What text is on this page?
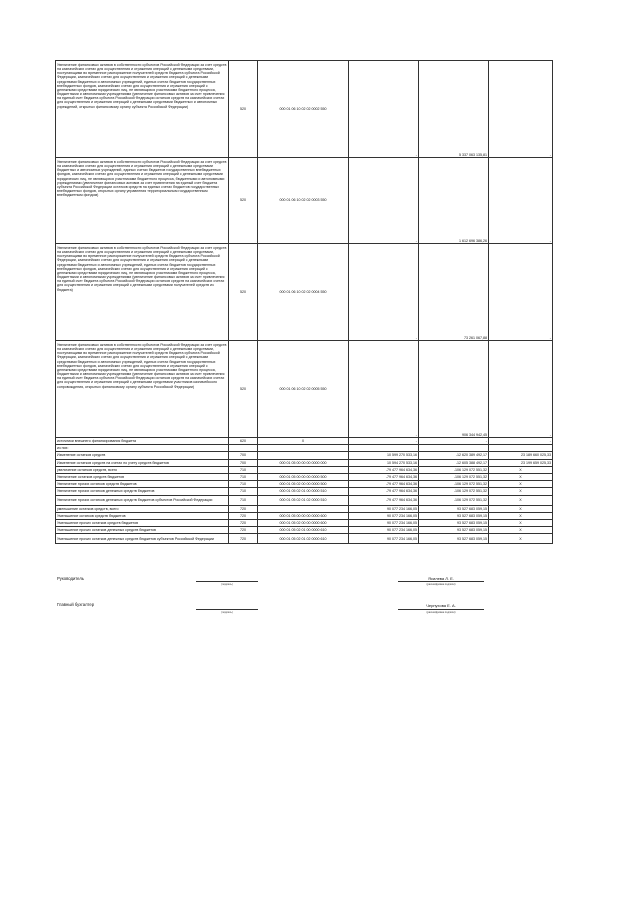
Увеличение финансовых активов в собственности субъектов Российской Федерации за счет средств на казначейских счетах для осуществления и отражения операций с денежными средствами, поступающими во временное распоряжение получателей средств бюджета субъекта Российской Федерации, казначейских счетах для осуществления и отражения операций с денежными средствами бюджетных и автономных учреждений, единых счетах бюджетов государственных внебюджетных фондов, казначейских счетах для осуществления и отражения операций с денежными средствами юридических лиц, не являющихся участниками бюджетного процесса, бюджетными и автономными учреждениями (увеличение финансовых активов за счет привлечения на единый счет бюджета субъекта Российской Федерации остатков средств на казначейских счетах для осуществления и отражения операций с денежными средствами бюджетных и автономных учреждений, открытых финансовому органу субъекта Российской Федерации)	520	000 01 06 10 02 02 0002 550	-	5 337 063 135,81	-
Увеличение финансовых активов в собственности субъектов Российской Федерации за счет средств на казначейских счетах для осуществления и отражения операций с денежными средствами бюджетных и автономных учреждений, единых счетах бюджетов государственных внебюджетных фондов, казначейских счетах для осуществления и отражения операций с денежными средствами юридических лиц, не являющихся участниками бюджетного процесса, бюджетными и автономными учреждениями (увеличение финансовых активов за счет привлечения на единый счет бюджета субъекта Российской Федерации остатков средств на единых счетах бюджетов государственных внебюджетных фондов, открытых органу управления территориальным государственным внебюджетным фондом)	520	000 01 06 10 02 02 0003 550	-	1 612 696 386,26	-
Увеличение финансовых активов в собственности субъектов Российской Федерации за счет средств на казначейских счетах для осуществления и отражения операций с денежными средствами, поступающими во временное распоряжение получателей средств бюджета субъекта Российской Федерации, казначейских счетах для осуществления и отражения операций с денежными средствами бюджетных и автономных учреждений, единых счетах бюджетов государственных внебюджетных фондов, казначейских счетах для осуществления и отражения операций с денежными средствами юридических лиц, не являющихся участниками бюджетного процесса, бюджетными и автономными учреждениями (увеличение финансовых активов за счет привлечения на единый счет бюджета субъекта Российской Федерации остатков средств на казначейских счетах для осуществления и отражения операций с денежными средствами получателей средств из бюджета)	520	000 01 06 10 02 02 0004 550	-	73 261 067,88	-
Увеличение финансовых активов в собственности субъектов Российской Федерации за счет средств на казначейских счетах для осуществления и отражения операций с денежными средствами, поступающими во временное распоряжение получателей средств бюджета субъекта Российской Федерации, казначейских счетах для осуществления и отражения операций с денежными средствами бюджетных и автономных учреждений, единых счетах бюджетов государственных внебюджетных фондов, казначейских счетах для осуществления и отражения операций с денежными средствами юридических лиц, не являющихся участниками бюджетного процесса, бюджетными и автономными учреждениями (увеличение финансовых активов за счет привлечения на единый счет бюджета субъекта Российской Федерации остатков средств на казначейских счетах для осуществления и отражения операций с денежными средствами участников казначейского сопровождения, открытых финансовому органу субъекта Российской Федерации)	520	000 01 06 10 02 02 0005 550	-	906 344 942,45	-
источники внешнего финансирования бюджета	620	X	-	-	-
из них:					
Изменение остатков средств	700		10 599 270 533,16	-12 620 389 492,17	23 189 660 025,33
Изменение остатков средств на счетах по учету средств бюджетов	700	000 01 05 00 00 00 0000 000	10 594 270 533,16	-12 605 388 492,17	23 199 659 025,33
увеличение остатков средств, всего	710		-79 477 964 634,36	-106 129 072 551,32	X
Увеличение остатков средств бюджетов	710	000 01 05 00 00 00 0000 500	-79 477 964 634,36	-106 129 072 551,32	X
Увеличение прочих остатков средств бюджетов	710	000 01 05 02 00 00 0000 500	-79 477 964 634,36	-106 129 072 551,32	X
Увеличение прочих остатков денежных средств бюджетов	710	000 01 05 02 01 00 0000 510	-79 477 964 634,36	-106 129 072 551,32	X
Увеличение прочих остатков денежных средств бюджетов субъектов Российской Федерации	710	000 01 05 02 01 02 0000 510	-79 477 964 634,36	-106 129 072 551,32	X
уменьшение остатков средств, всего	720		90 077 234 166,05	93 527 683 059,15	X
Уменьшение остатков средств бюджетов	720	000 01 05 00 00 00 0000 600	90 077 234 166,05	93 527 683 059,15	X
Уменьшение прочих остатков средств бюджетов	720	000 01 05 02 00 00 0000 600	90 077 234 166,05	93 527 683 059,15	X
Уменьшение прочих остатков денежных средств бюджетов	720	000 01 05 02 01 00 0000 610	90 077 234 166,05	93 527 683 059,15	X
Уменьшение прочих остатков денежных средств бюджетов субъектов Российской Федерации	720	000 01 05 02 01 02 0000 610	90 077 234 166,05	93 527 683 059,15	X
Руководитель
(подпись)
Ясилева Л. Е.
(расшифровка подписи)
Главный бухгалтер
(подпись)
Чернухова Е. А.
(расшифровка подписи)
